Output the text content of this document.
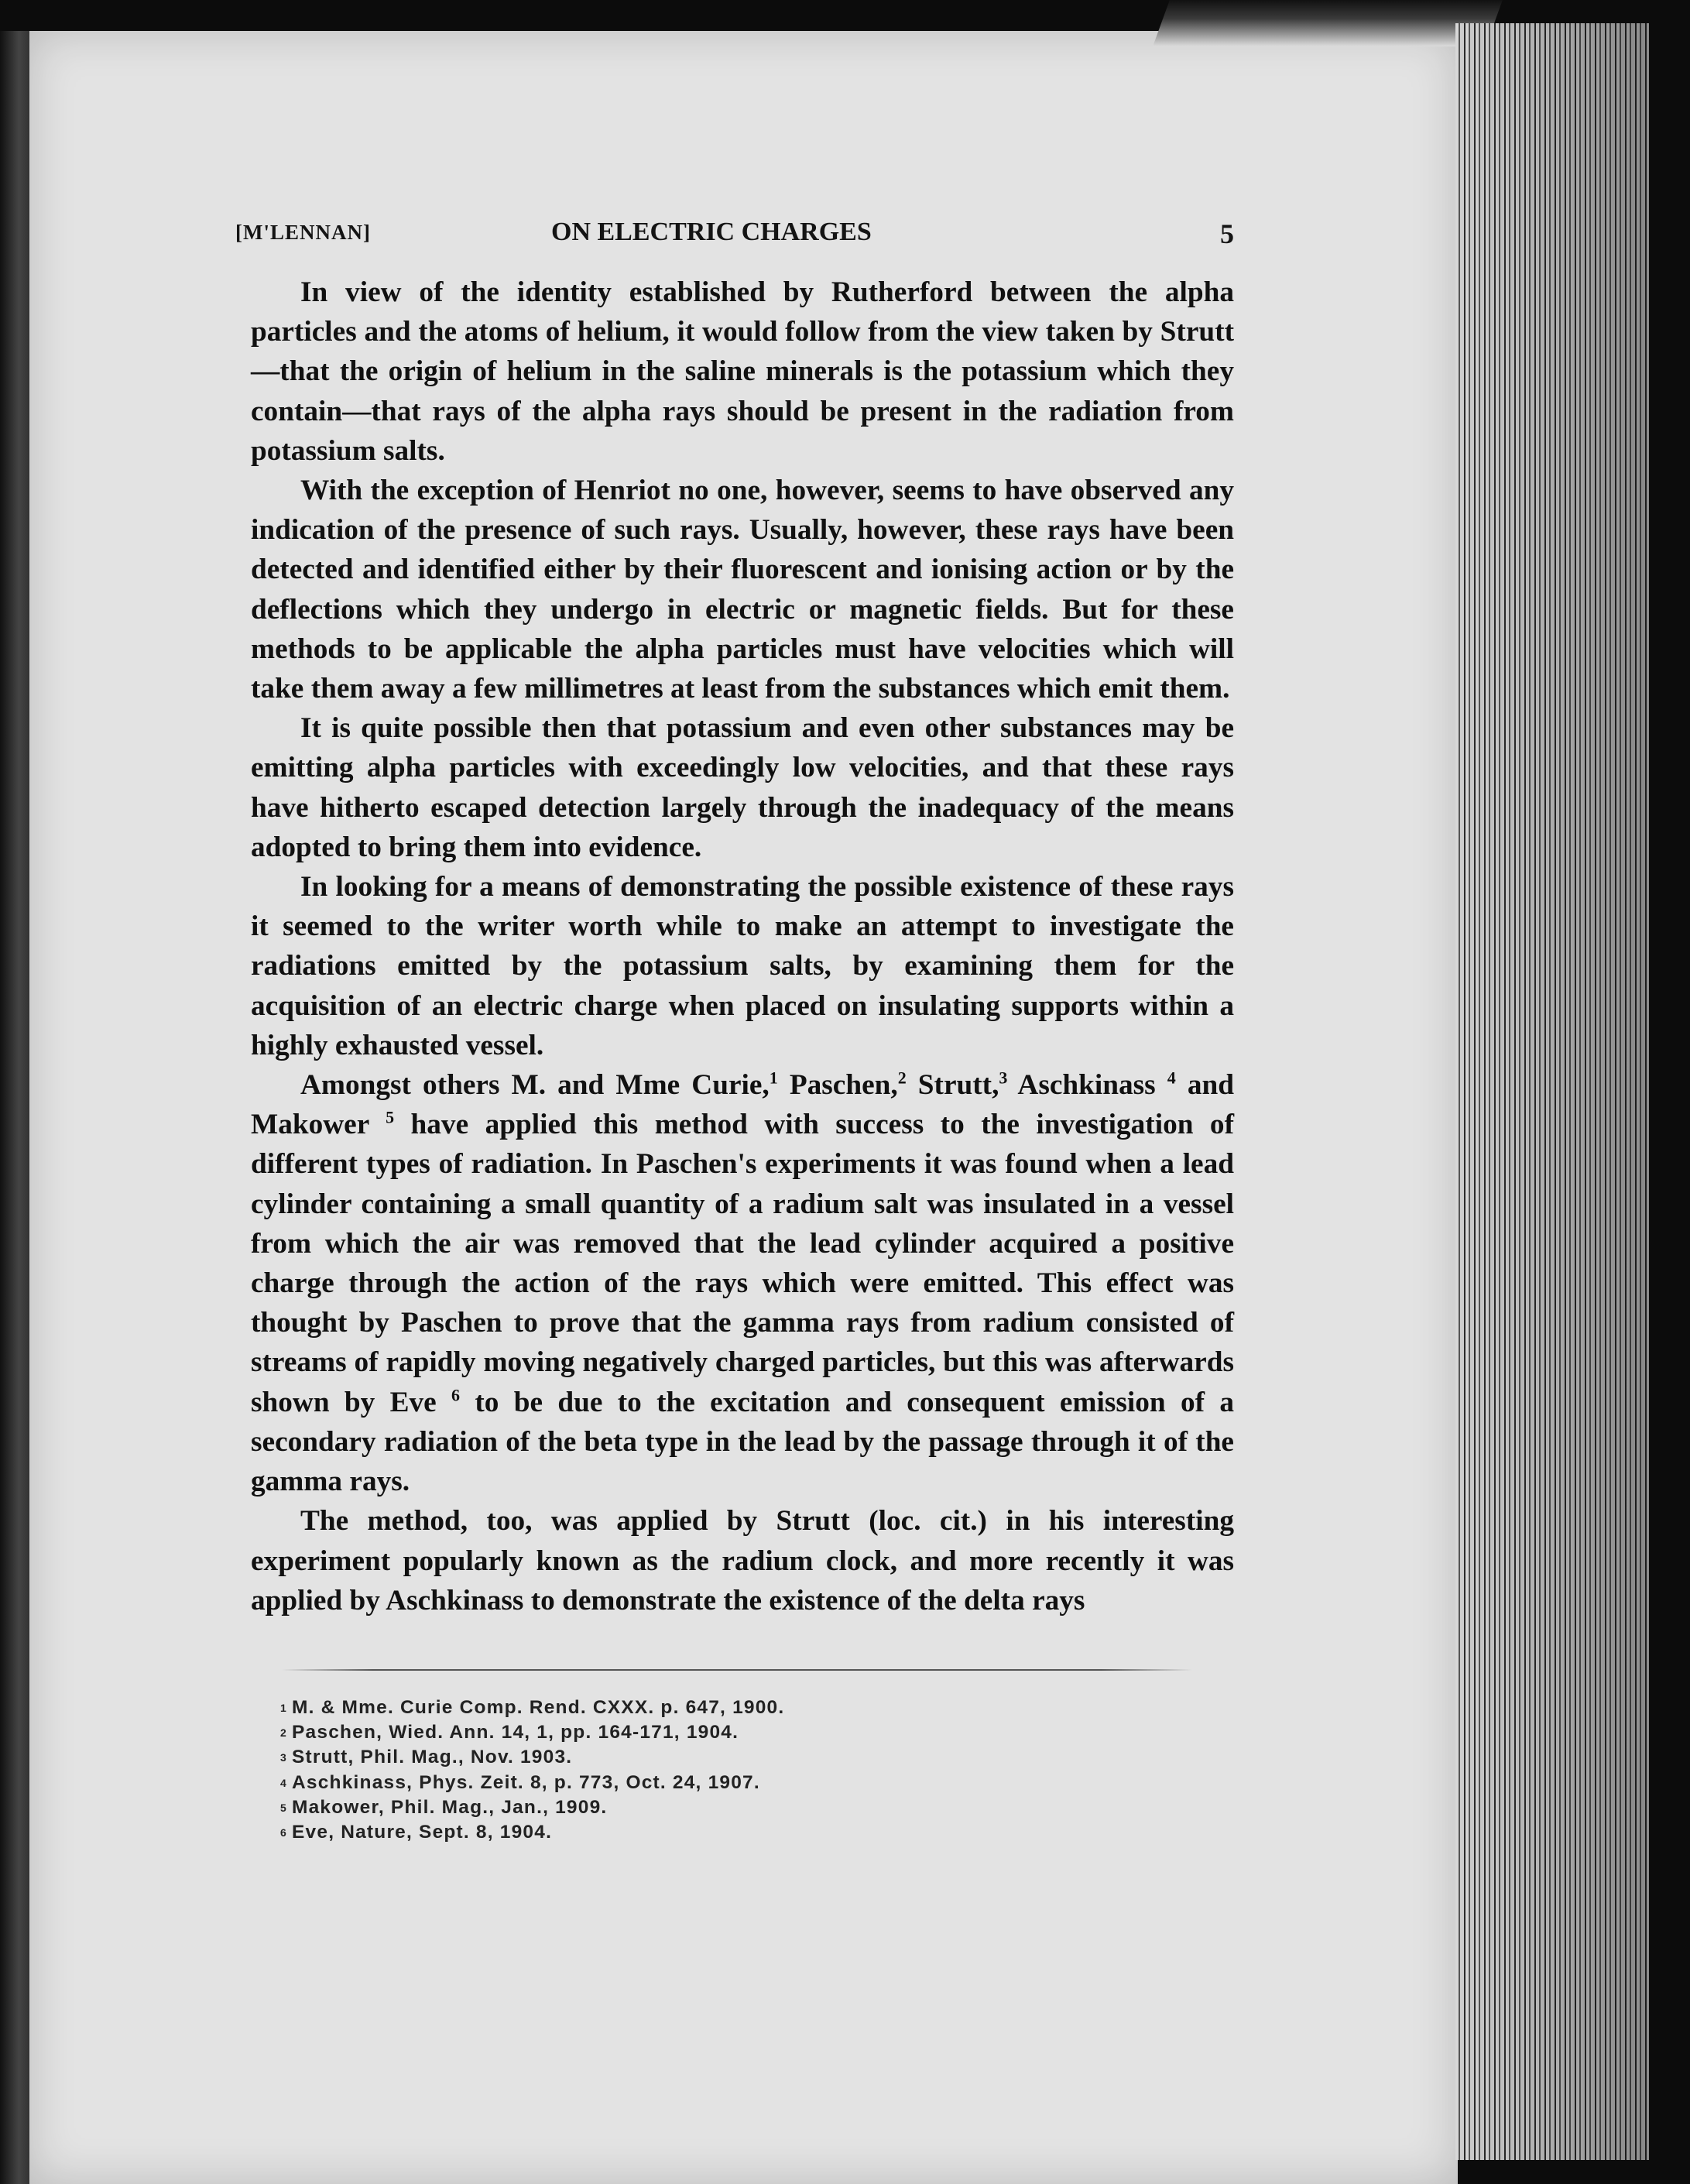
[M'LENNAN]	ON ELECTRIC CHARGES	5

In view of the identity established by Rutherford between the alpha particles and the atoms of helium, it would follow from the view taken by Strutt—that the origin of helium in the saline minerals is the potassium which they contain—that rays of the alpha rays should be present in the radiation from potassium salts.

With the exception of Henriot no one, however, seems to have observed any indication of the presence of such rays. Usually, however, these rays have been detected and identified either by their fluorescent and ionising action or by the deflections which they undergo in electric or magnetic fields. But for these methods to be applicable the alpha particles must have velocities which will take them away a few millimetres at least from the substances which emit them.

It is quite possible then that potassium and even other substances may be emitting alpha particles with exceedingly low velocities, and that these rays have hitherto escaped detection largely through the inadequacy of the means adopted to bring them into evidence.

In looking for a means of demonstrating the possible existence of these rays it seemed to the writer worth while to make an attempt to investigate the radiations emitted by the potassium salts, by examining them for the acquisition of an electric charge when placed on insulating supports within a highly exhausted vessel.

Amongst others M. and Mme Curie,$^1$ Paschen,$^2$ Strutt,$^3$ Aschkinass $^4$ and Makower $^5$ have applied this method with success to the investigation of different types of radiation. In Paschen's experiments it was found when a lead cylinder containing a small quantity of a radium salt was insulated in a vessel from which the air was removed that the lead cylinder acquired a positive charge through the action of the rays which were emitted. This effect was thought by Paschen to prove that the gamma rays from radium consisted of streams of rapidly moving negatively charged particles, but this was afterwards shown by Eve $^6$ to be due to the excitation and consequent emission of a secondary radiation of the beta type in the lead by the passage through it of the gamma rays.

The method, too, was applied by Strutt (loc. cit.) in his interesting experiment popularly known as the radium clock, and more recently it was applied by Aschkinass to demonstrate the existence of the delta rays

$^1$ M. & Mme. Curie Comp. Rend. CXXX. p. 647, 1900.
$^2$ Paschen, Wied. Ann. 14, 1, pp. 164-171, 1904.
$^3$ Strutt, Phil. Mag., Nov. 1903.
$^4$ Aschkinass, Phys. Zeit. 8, p. 773, Oct. 24, 1907.
$^5$ Makower, Phil. Mag., Jan., 1909.
$^6$ Eve, Nature, Sept. 8, 1904.
